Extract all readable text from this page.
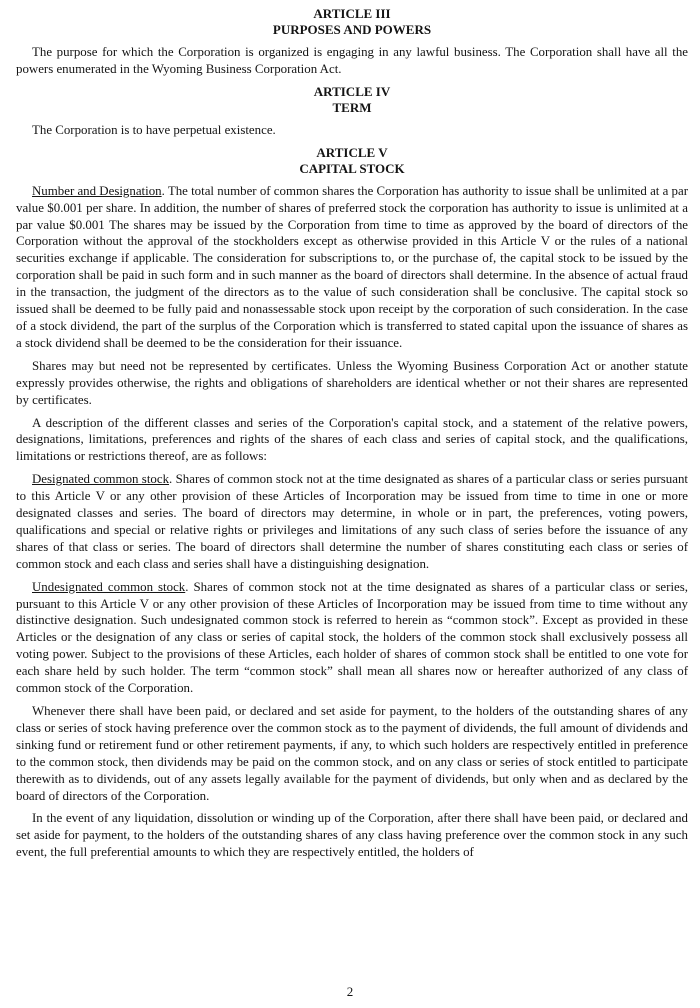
ARTICLE III
PURPOSES AND POWERS

The purpose for which the Corporation is organized is engaging in any lawful business. The Corporation shall have all the powers enumerated in the Wyoming Business Corporation Act.

ARTICLE IV
TERM

The Corporation is to have perpetual existence.

ARTICLE V
CAPITAL STOCK

Number and Designation. The total number of common shares the Corporation has authority to issue shall be unlimited at a par value $0.001 per share. In addition, the number of shares of preferred stock the corporation has authority to issue is unlimited at a par value $0.001 The shares may be issued by the Corporation from time to time as approved by the board of directors of the Corporation without the approval of the stockholders except as otherwise provided in this Article V or the rules of a national securities exchange if applicable. The consideration for subscriptions to, or the purchase of, the capital stock to be issued by the corporation shall be paid in such form and in such manner as the board of directors shall determine. In the absence of actual fraud in the transaction, the judgment of the directors as to the value of such consideration shall be conclusive. The capital stock so issued shall be deemed to be fully paid and nonassessable stock upon receipt by the corporation of such consideration. In the case of a stock dividend, the part of the surplus of the Corporation which is transferred to stated capital upon the issuance of shares as a stock dividend shall be deemed to be the consideration for their issuance.

Shares may but need not be represented by certificates. Unless the Wyoming Business Corporation Act or another statute expressly provides otherwise, the rights and obligations of shareholders are identical whether or not their shares are represented by certificates.

A description of the different classes and series of the Corporation's capital stock, and a statement of the relative powers, designations, limitations, preferences and rights of the shares of each class and series of capital stock, and the qualifications, limitations or restrictions thereof, are as follows:

Designated common stock. Shares of common stock not at the time designated as shares of a particular class or series pursuant to this Article V or any other provision of these Articles of Incorporation may be issued from time to time in one or more designated classes and series. The board of directors may determine, in whole or in part, the preferences, voting powers, qualifications and special or relative rights or privileges and limitations of any such class of series before the issuance of any shares of that class or series. The board of directors shall determine the number of shares constituting each class or series of common stock and each class and series shall have a distinguishing designation.

Undesignated common stock. Shares of common stock not at the time designated as shares of a particular class or series, pursuant to this Article V or any other provision of these Articles of Incorporation may be issued from time to time without any distinctive designation. Such undesignated common stock is referred to herein as “common stock”. Except as provided in these Articles or the designation of any class or series of capital stock, the holders of the common stock shall exclusively possess all voting power. Subject to the provisions of these Articles, each holder of shares of common stock shall be entitled to one vote for each share held by such holder. The term “common stock” shall mean all shares now or hereafter authorized of any class of common stock of the Corporation.

Whenever there shall have been paid, or declared and set aside for payment, to the holders of the outstanding shares of any class or series of stock having preference over the common stock as to the payment of dividends, the full amount of dividends and sinking fund or retirement fund or other retirement payments, if any, to which such holders are respectively entitled in preference to the common stock, then dividends may be paid on the common stock, and on any class or series of stock entitled to participate therewith as to dividends, out of any assets legally available for the payment of dividends, but only when and as declared by the board of directors of the Corporation.

In the event of any liquidation, dissolution or winding up of the Corporation, after there shall have been paid, or declared and set aside for payment, to the holders of the outstanding shares of any class having preference over the common stock in any such event, the full preferential amounts to which they are respectively entitled, the holders of

2
